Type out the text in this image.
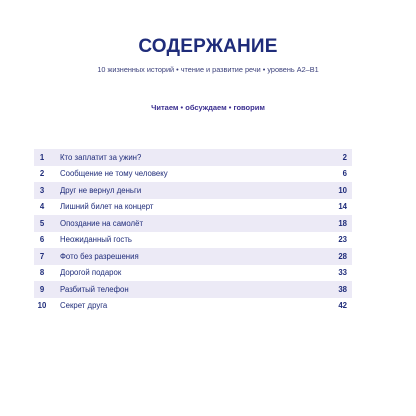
СОДЕРЖАНИЕ
10 жизненных историй • чтение и развитие речи • уровень A2–B1
Читаем • обсуждаем • говорим
1	Кто заплатит за ужин?	2
2	Сообщение не тому человеку	6
3	Друг не вернул деньги	10
4	Лишний билет на концерт	14
5	Опоздание на самолёт	18
6	Неожиданный гость	23
7	Фото без разрешения	28
8	Дорогой подарок	33
9	Разбитый телефон	38
10	Секрет друга	42
